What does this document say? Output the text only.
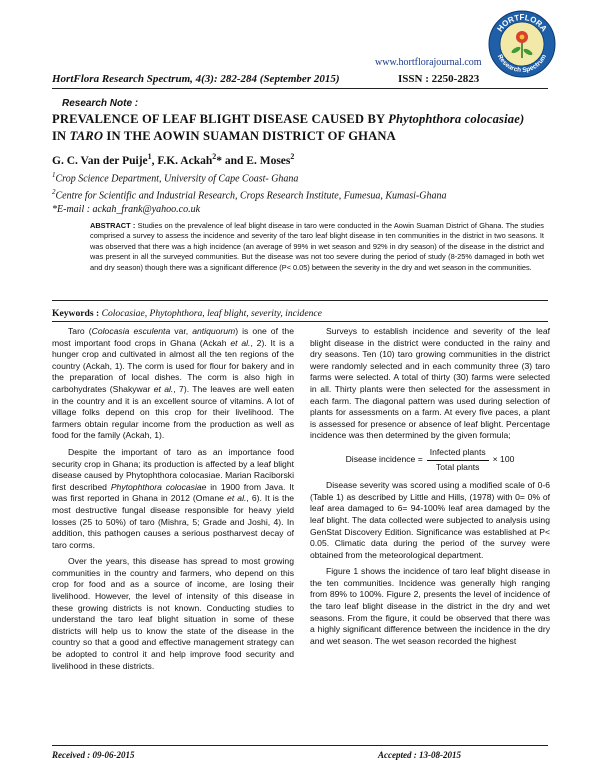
www.hortflorajournal.com
HortFlora Research Spectrum, 4(3): 282-284 (September 2015)	ISSN : 2250-2823
HORTFLORA
Research Spectrum
Research Note :
PREVALENCE OF LEAF BLIGHT DISEASE CAUSED BY Phytophthora colocasiae)
IN TARO IN THE AOWIN SUAMAN DISTRICT OF GHANA
G. C. Van der Puije$^1$, F.K. Ackah$^2$* and E. Moses$^2$
$^1$Crop Science Department, University of Cape Coast- Ghana
$^2$Centre for Scientific and Industrial Research, Crops Research Institute, Fumesua, Kumasi-Ghana
*E-mail : ackah_frank@yahoo.co.uk
ABSTRACT : Studies on the prevalence of leaf blight disease in taro were conducted in the Aowin Suaman District of Ghana. The studies comprised a survey to assess the incidence and severity of the taro leaf blight disease in ten communities in the district in two seasons. It was observed that there was a high incidence (an average of 99% in wet season and 92% in dry season) of the disease in the district and was present in all the surveyed communities. But the disease was not too severe during the period of study (8-25% damaged in both wet and dry season) though there was a significant difference (P< 0.05) between the severity in the dry and wet season in the communities.
Keywords : Colocasiae, Phytophthora, leaf blight, severity, incidence

Taro (Colocasia esculenta var, antiquorum) is one of the most important food crops in Ghana (Ackah et al., 2). It is a hunger crop and cultivated in almost all the ten regions of the country (Ackah, 1). The corm is used for flour for bakery and in the preparation of local dishes. The corm is also high in carbohydrates (Shakywar et al., 7). The leaves are well eaten in the country and it is an excellent source of vitamins. A lot of village folks depend on this crop for their livelihood. The farmers obtain regular income from the production as well as food for the family (Ackah, 1).

Despite the important of taro as an importance food security crop in Ghana; its production is affected by a leaf blight disease caused by Phytophthora colocasiae. Marian Raciborski first described Phytophthora colocasiae in 1900 from Java. It was first reported in Ghana in 2012 (Omane et al., 6). It is the most destructive fungal disease responsible for heavy yield losses (25 to 50%) of taro (Mishra, 5; Grade and Joshi, 4). In addition, this pathogen causes a serious postharvest decay of taro corms.

Over the years, this disease has spread to most growing communities in the country and farmers, who depend on this crop for food and as a source of income, are losing their livelihood. However, the level of intensity of this disease in these growing districts is not known. Conducting studies to understand the taro leaf blight situation in some of these districts will help us to know the state of the disease in the country so that a good and effective management strategy can be adopted to control it and help improve food security and livelihood in these districts.

Surveys to establish incidence and severity of the leaf blight disease in the district were conducted in the rainy and dry seasons. Ten (10) taro growing communities in the district were randomly selected and in each community three (3) taro farms were selected. A total of thirty (30) farms were selected in all. Thirty plants were then selected for the assessment in each farm. The diagonal pattern was used during selection of plants for assessments on a farm. At every five paces, a plant is assessed for presence or absence of leaf blight. Percentage incidence was then determined by the given formula;

Disease incidence = $\frac{\text{Infected plants}}{\text{Total plants}} \times 100$

Disease severity was scored using a modified scale of 0-6 (Table 1) as described by Little and Hills, (1978) with 0= 0% of leaf area damaged to 6= 94-100% leaf area damaged by the leaf blight. The data collected were subjected to analysis using GenStat Discovery Edition. Significance was established at P< 0.05. Climatic data during the period of the survey were obtained from the meteorological department.

Figure 1 shows the incidence of taro leaf blight disease in the ten communities. Incidence was generally high ranging from 89% to 100%. Figure 2, presents the level of incidence of the taro leaf blight disease in the district in the dry and wet seasons. From the figure, it could be observed that there was a highly significant difference between the incidence in the dry and wet season. The wet season recorded the highest

Received : 09-06-2015	Accepted : 13-08-2015
